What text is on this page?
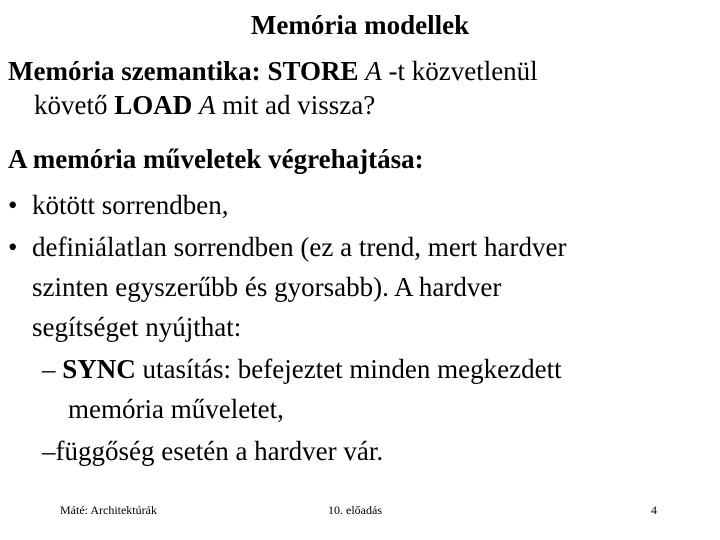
Memória modellek
Memória szemantika: STORE A -t közvetlenül
követő LOAD A mit ad vissza?
A memória műveletek végrehajtása:
• kötött sorrendben,
• definiálatlan sorrendben (ez a trend, mert hardver
szinten egyszerűbb és gyorsabb). A hardver
segítséget nyújthat:
– SYNC utasítás: befejeztet minden megkezdett
memória műveletet,
–függőség esetén a hardver vár.
Máté: Architektúrák	10. előadás	4
